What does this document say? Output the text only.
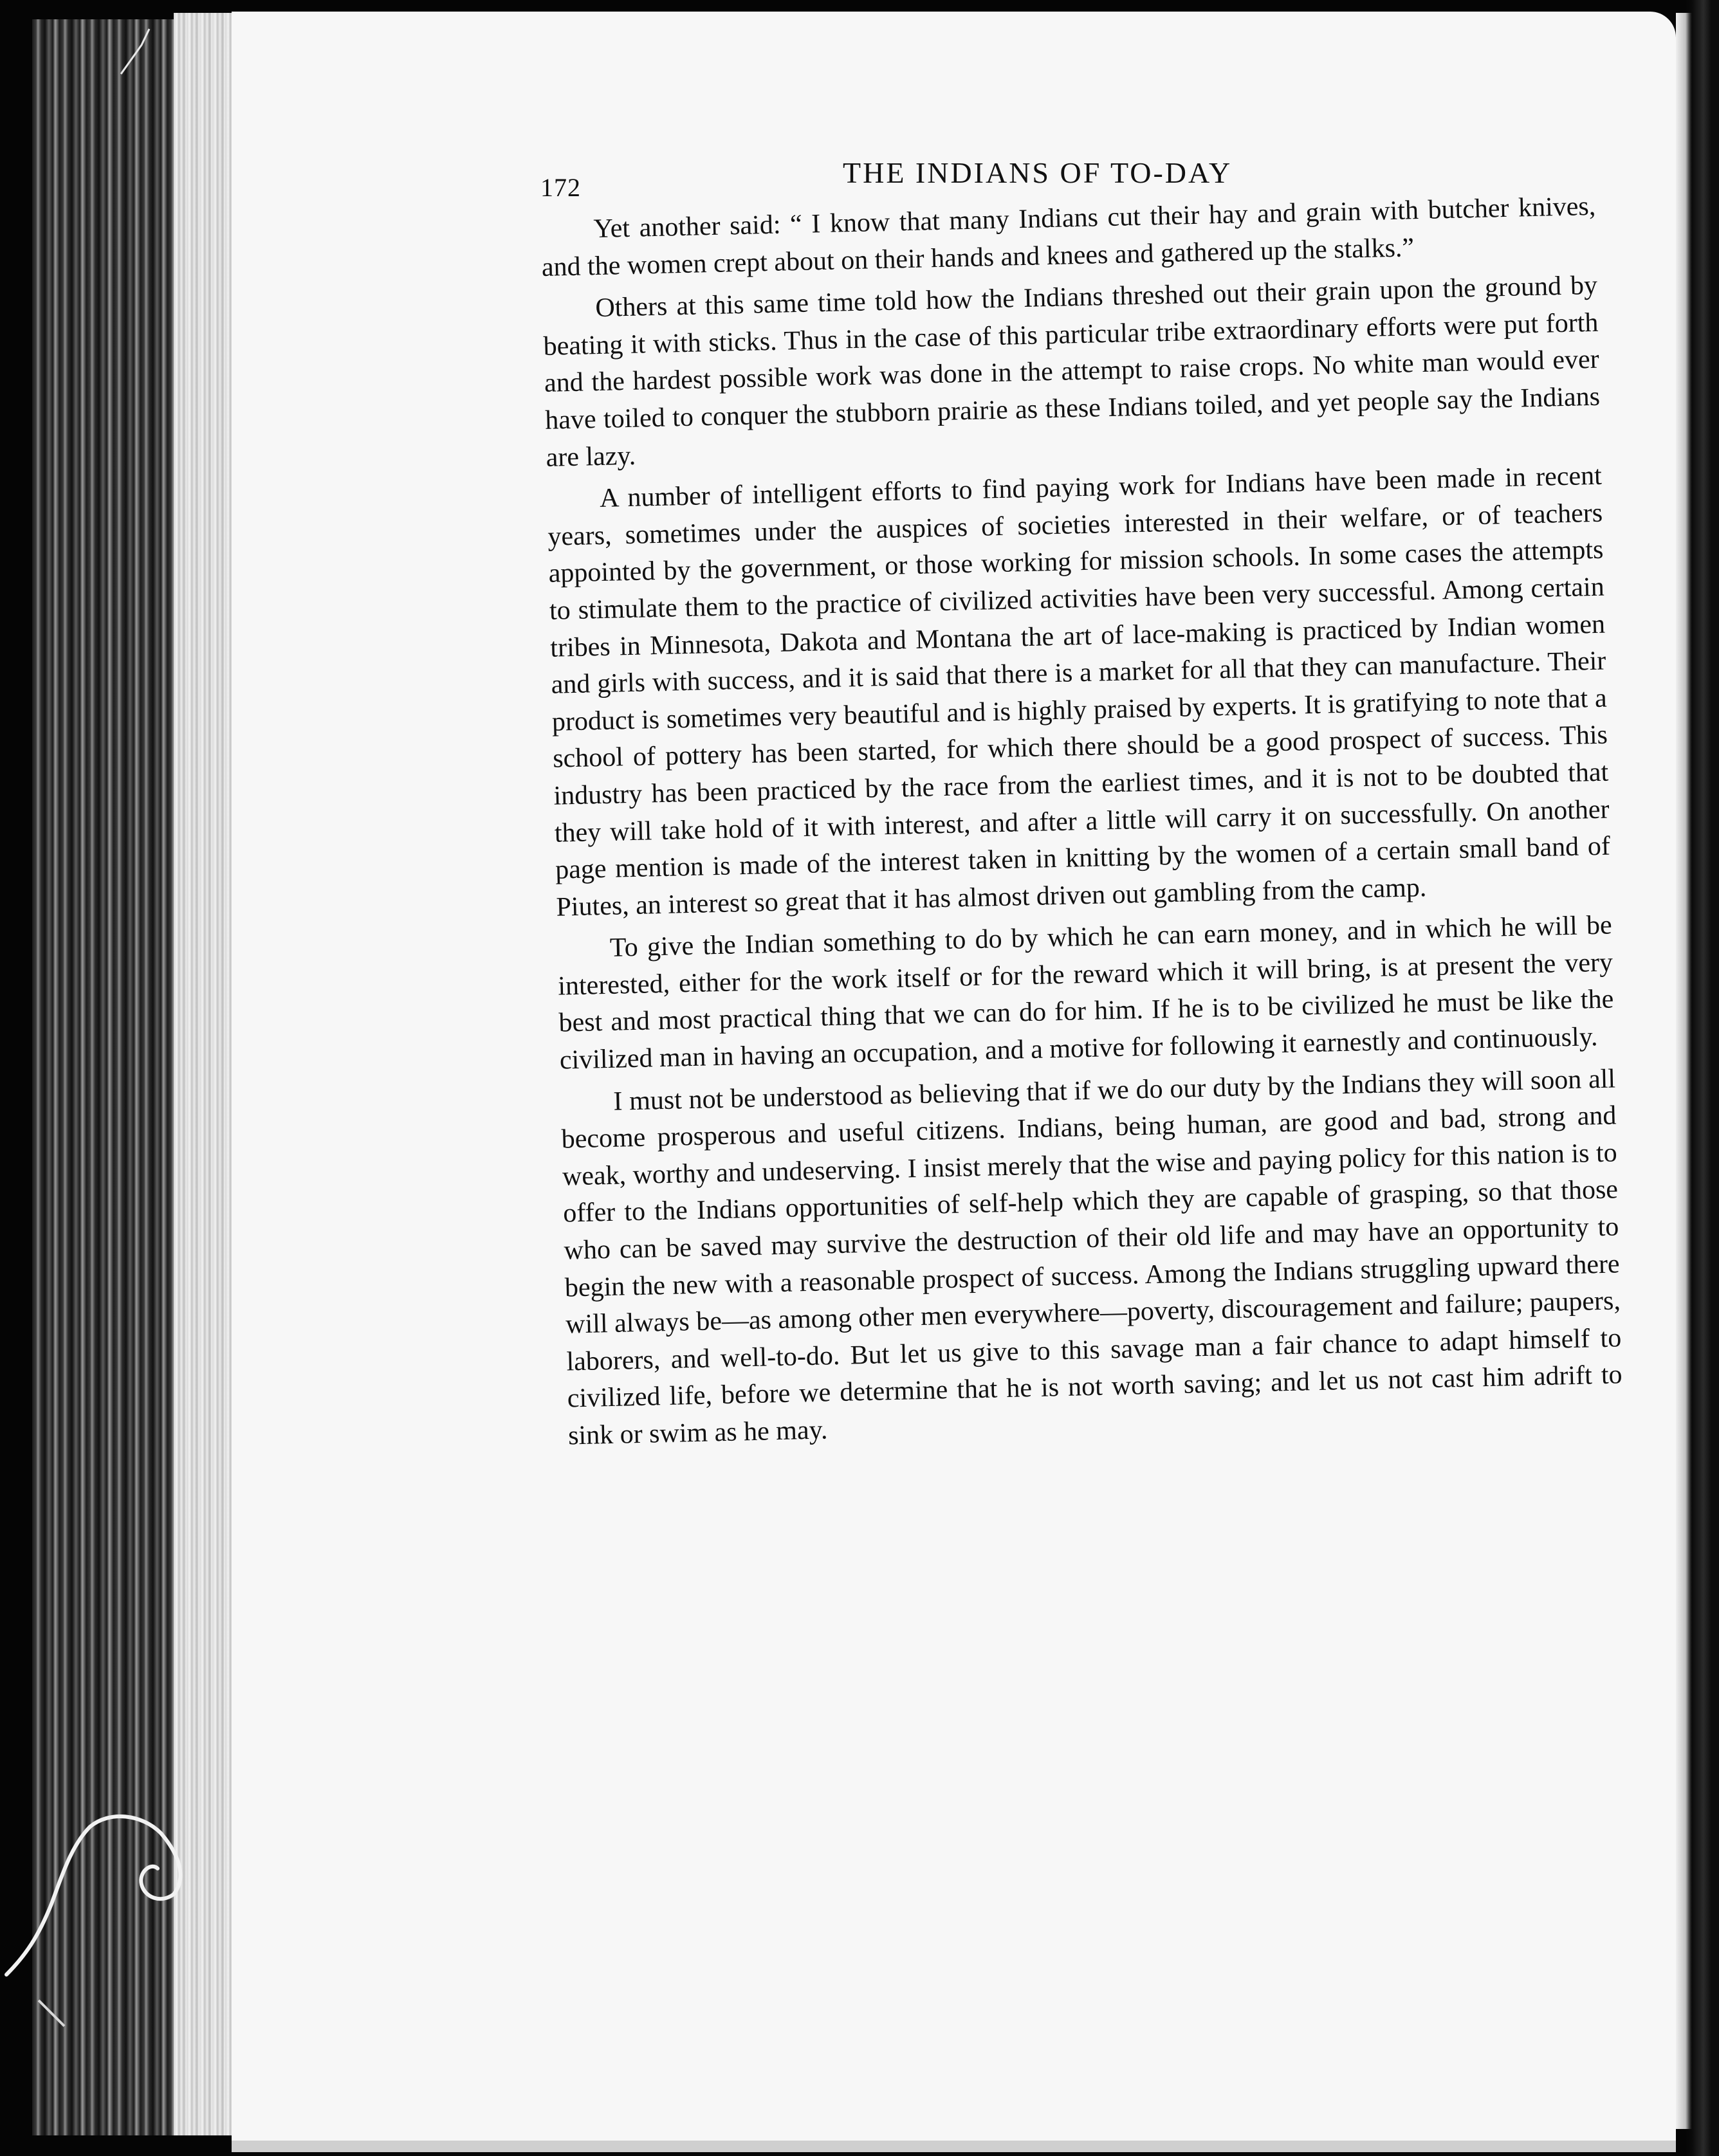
172	THE INDIANS OF TO-DAY

Yet another said: “ I know that many Indians cut their hay and grain with butcher knives, and the women crept about on their hands and knees and gathered up the stalks.”

Others at this same time told how the Indians threshed out their grain upon the ground by beating it with sticks. Thus in the case of this particular tribe extraordinary efforts were put forth and the hardest possible work was done in the attempt to raise crops. No white man would ever have toiled to conquer the stubborn prairie as these Indians toiled, and yet people say the Indians are lazy.

A number of intelligent efforts to find paying work for Indians have been made in recent years, sometimes under the auspices of societies interested in their welfare, or of teachers appointed by the government, or those working for mission schools. In some cases the attempts to stimulate them to the practice of civilized activities have been very successful. Among certain tribes in Minnesota, Dakota and Montana the art of lace-making is practiced by Indian women and girls with success, and it is said that there is a market for all that they can manufacture. Their product is sometimes very beautiful and is highly praised by experts. It is gratifying to note that a school of pottery has been started, for which there should be a good prospect of success. This industry has been practiced by the race from the earliest times, and it is not to be doubted that they will take hold of it with interest, and after a little will carry it on successfully. On another page mention is made of the interest taken in knitting by the women of a certain small band of Piutes, an interest so great that it has almost driven out gambling from the camp.

To give the Indian something to do by which he can earn money, and in which he will be interested, either for the work itself or for the reward which it will bring, is at present the very best and most practical thing that we can do for him. If he is to be civilized he must be like the civilized man in having an occupation, and a motive for following it earnestly and continuously.

I must not be understood as believing that if we do our duty by the Indians they will soon all become prosperous and useful citizens. Indians, being human, are good and bad, strong and weak, worthy and undeserving. I insist merely that the wise and paying policy for this nation is to offer to the Indians opportunities of self-help which they are capable of grasping, so that those who can be saved may survive the destruction of their old life and may have an opportunity to begin the new with a reasonable prospect of success. Among the Indians struggling upward there will always be—as among other men everywhere—poverty, discouragement and failure; paupers, laborers, and well-to-do. But let us give to this savage man a fair chance to adapt himself to civilized life, before we determine that he is not worth saving; and let us not cast him adrift to sink or swim as he may.
